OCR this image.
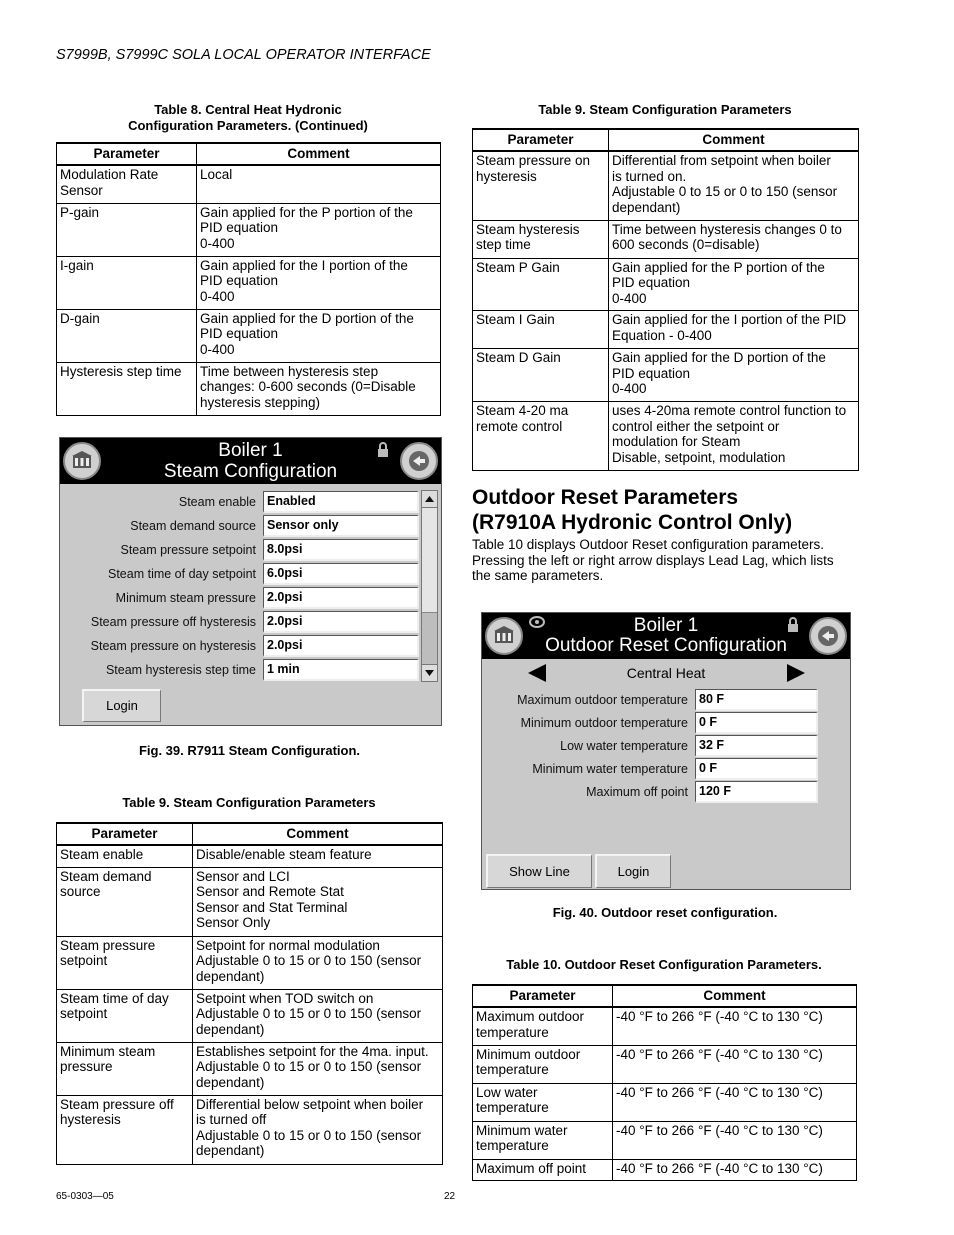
S7999B, S7999C SOLA LOCAL OPERATOR INTERFACE
Table 8. Central Heat Hydronic
Configuration Parameters. (Continued)
Parameter	Comment
Modulation Rate
Sensor	Local
P-gain	Gain applied for the P portion of the
PID equation
0-400
I-gain	Gain applied for the I portion of the
PID equation
0-400
D-gain	Gain applied for the D portion of the
PID equation
0-400
Hysteresis step time	Time between hysteresis step
changes: 0-600 seconds (0=Disable
hysteresis stepping)
Boiler 1
Steam Configuration
Steam enable Enabled
Steam demand source Sensor only
Steam pressure setpoint 8.0psi
Steam time of day setpoint 6.0psi
Minimum steam pressure 2.0psi
Steam pressure off hysteresis 2.0psi
Steam pressure on hysteresis 2.0psi
Steam hysteresis step time 1 min
Login
Fig. 39. R7911 Steam Configuration.
Table 9. Steam Configuration Parameters
Parameter	Comment
Steam enable	Disable/enable steam feature
Steam demand
source	Sensor and LCI
Sensor and Remote Stat
Sensor and Stat Terminal
Sensor Only
Steam pressure
setpoint	Setpoint for normal modulation
Adjustable 0 to 15 or 0 to 150 (sensor
dependant)
Steam time of day
setpoint	Setpoint when TOD switch on
Adjustable 0 to 15 or 0 to 150 (sensor
dependant)
Minimum steam
pressure	Establishes setpoint for the 4ma. input.
Adjustable 0 to 15 or 0 to 150 (sensor
dependant)
Steam pressure off
hysteresis	Differential below setpoint when boiler
is turned off
Adjustable 0 to 15 or 0 to 150 (sensor
dependant)
Table 9. Steam Configuration Parameters
Parameter	Comment
Steam pressure on
hysteresis	Differential from setpoint when boiler
is turned on.
Adjustable 0 to 15 or 0 to 150 (sensor
dependant)
Steam hysteresis
step time	Time between hysteresis changes 0 to
600 seconds (0=disable)
Steam P Gain	Gain applied for the P portion of the
PID equation
0-400
Steam I Gain	Gain applied for the I portion of the PID
Equation - 0-400
Steam D Gain	Gain applied for the D portion of the
PID equation
0-400
Steam 4-20 ma
remote control	uses 4-20ma remote control function to
control either the setpoint or
modulation for Steam
Disable, setpoint, modulation
Outdoor Reset Parameters
(R7910A Hydronic Control Only)
Table 10 displays Outdoor Reset configuration parameters.
Pressing the left or right arrow displays Lead Lag, which lists
the same parameters.
Boiler 1
Outdoor Reset Configuration
Central Heat
Maximum outdoor temperature 80 F
Minimum outdoor temperature 0 F
Low water temperature 32 F
Minimum water temperature 0 F
Maximum off point 120 F
Show Line	Login
Fig. 40. Outdoor reset configuration.
Table 10. Outdoor Reset Configuration Parameters.
Parameter	Comment
Maximum outdoor
temperature	-40 °F to 266 °F (-40 °C to 130 °C)
Minimum outdoor
temperature	-40 °F to 266 °F (-40 °C to 130 °C)
Low water
temperature	-40 °F to 266 °F (-40 °C to 130 °C)
Minimum water
temperature	-40 °F to 266 °F (-40 °C to 130 °C)
Maximum off point	-40 °F to 266 °F (-40 °C to 130 °C)
65-0303—05	22
